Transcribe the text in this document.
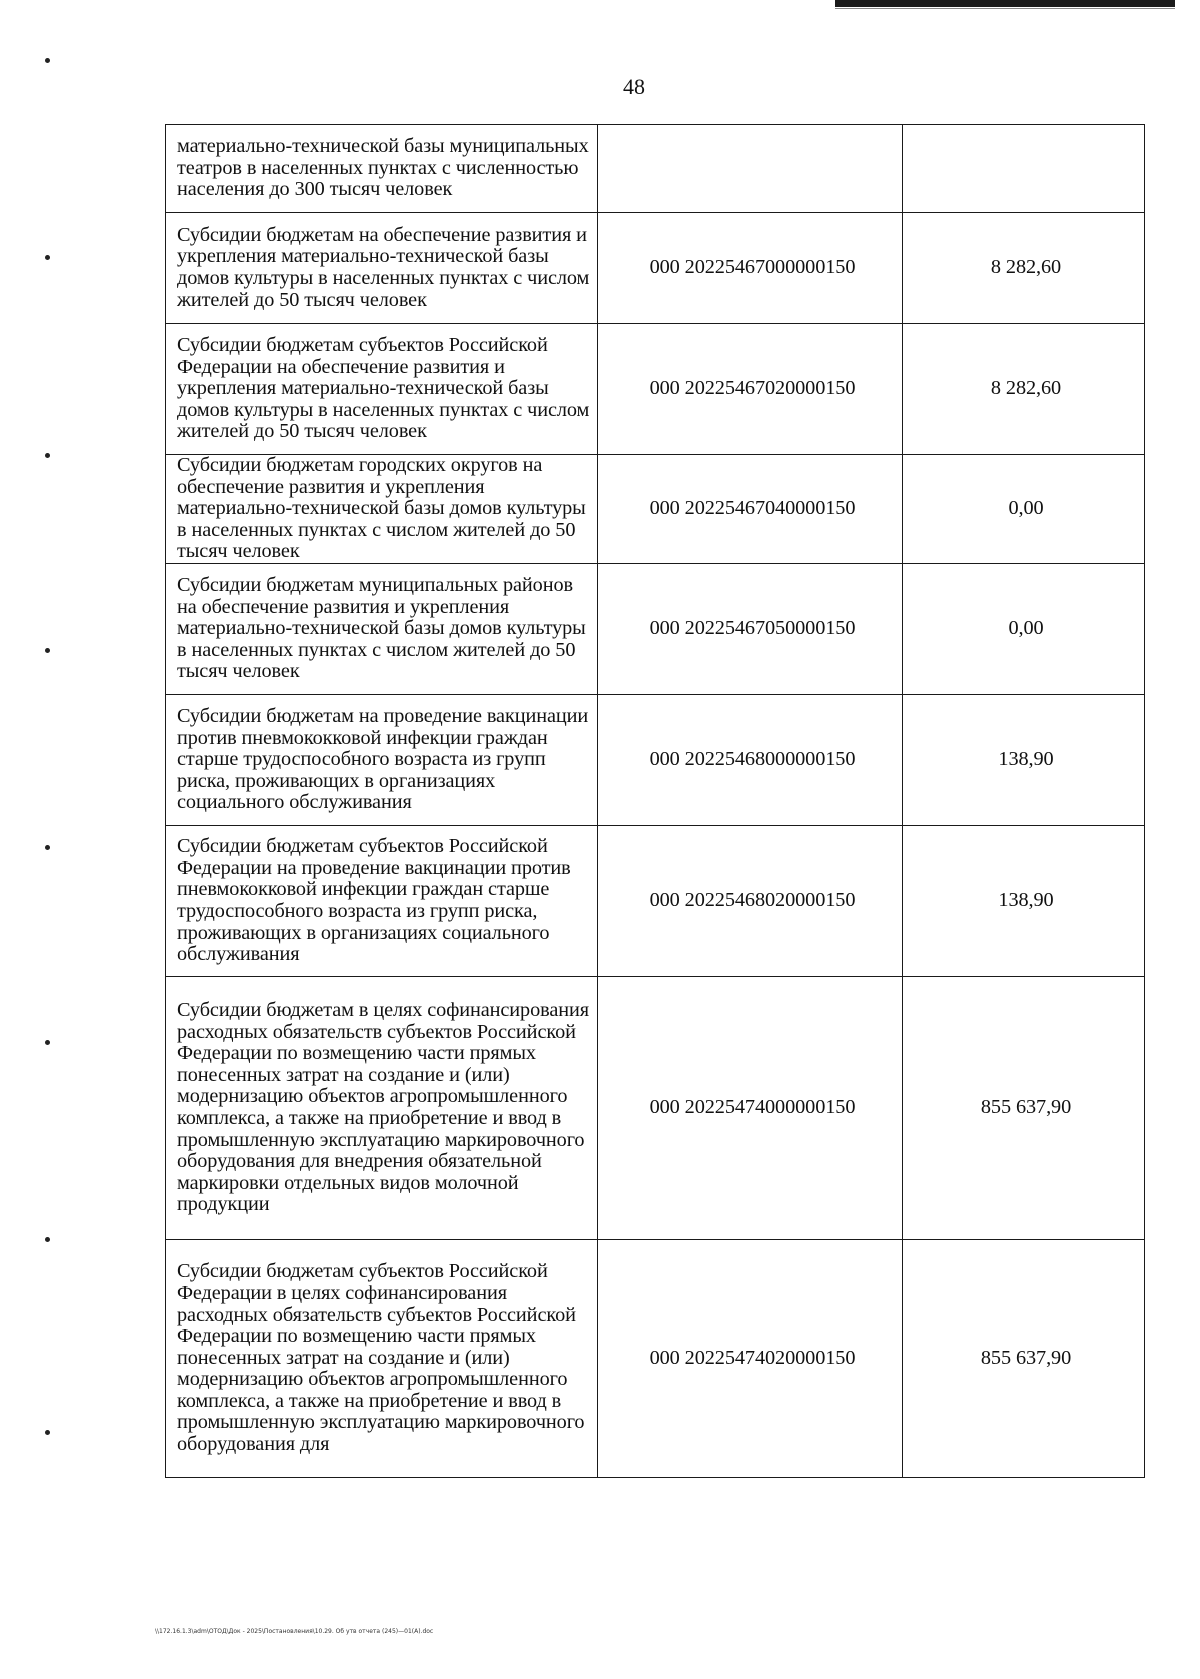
48
материально-технической базы муниципальных театров в населенных пунктах с численностью населения до 300 тысяч человек		
Субсидии бюджетам на обеспечение развития и укрепления материально-технической базы домов культуры в населенных пунктах с числом жителей до 50 тысяч человек	000 20225467000000150	8 282,60
Субсидии бюджетам субъектов Российской Федерации на обеспечение развития и укрепления материально-технической базы домов культуры в населенных пунктах с числом жителей до 50 тысяч человек	000 20225467020000150	8 282,60
Субсидии бюджетам городских округов на обеспечение развития и укрепления материально-технической базы домов культуры в населенных пунктах с числом жителей до 50 тысяч человек	000 20225467040000150	0,00
Субсидии бюджетам муниципальных районов на обеспечение развития и укрепления материально-технической базы домов культуры в населенных пунктах с числом жителей до 50 тысяч человек	000 20225467050000150	0,00
Субсидии бюджетам на проведение вакцинации против пневмококковой инфекции граждан старше трудоспособного возраста из групп риска, проживающих в организациях социального обслуживания	000 20225468000000150	138,90
Субсидии бюджетам субъектов Российской Федерации на проведение вакцинации против пневмококковой инфекции граждан старше трудоспособного возраста из групп риска, проживающих в организациях социального обслуживания	000 20225468020000150	138,90
Субсидии бюджетам в целях софинансирования расходных обязательств субъектов Российской Федерации по возмещению части прямых понесенных затрат на создание и (или) модернизацию объектов агропромышленного комплекса, а также на приобретение и ввод в промышленную эксплуатацию маркировочного оборудования для внедрения обязательной маркировки отдельных видов молочной продукции	000 20225474000000150	855 637,90
Субсидии бюджетам субъектов Российской Федерации в целях софинансирования расходных обязательств субъектов Российской Федерации по возмещению части прямых понесенных затрат на создание и (или) модернизацию объектов агропромышленного комплекса, а также на приобретение и ввод в промышленную эксплуатацию маркировочного оборудования для	000 20225474020000150	855 637,90
\\172.16.1.3\adm\ОТОД\Док - 2025\Постановления\10.29. Об утв отчета (245)—01(А).doc
